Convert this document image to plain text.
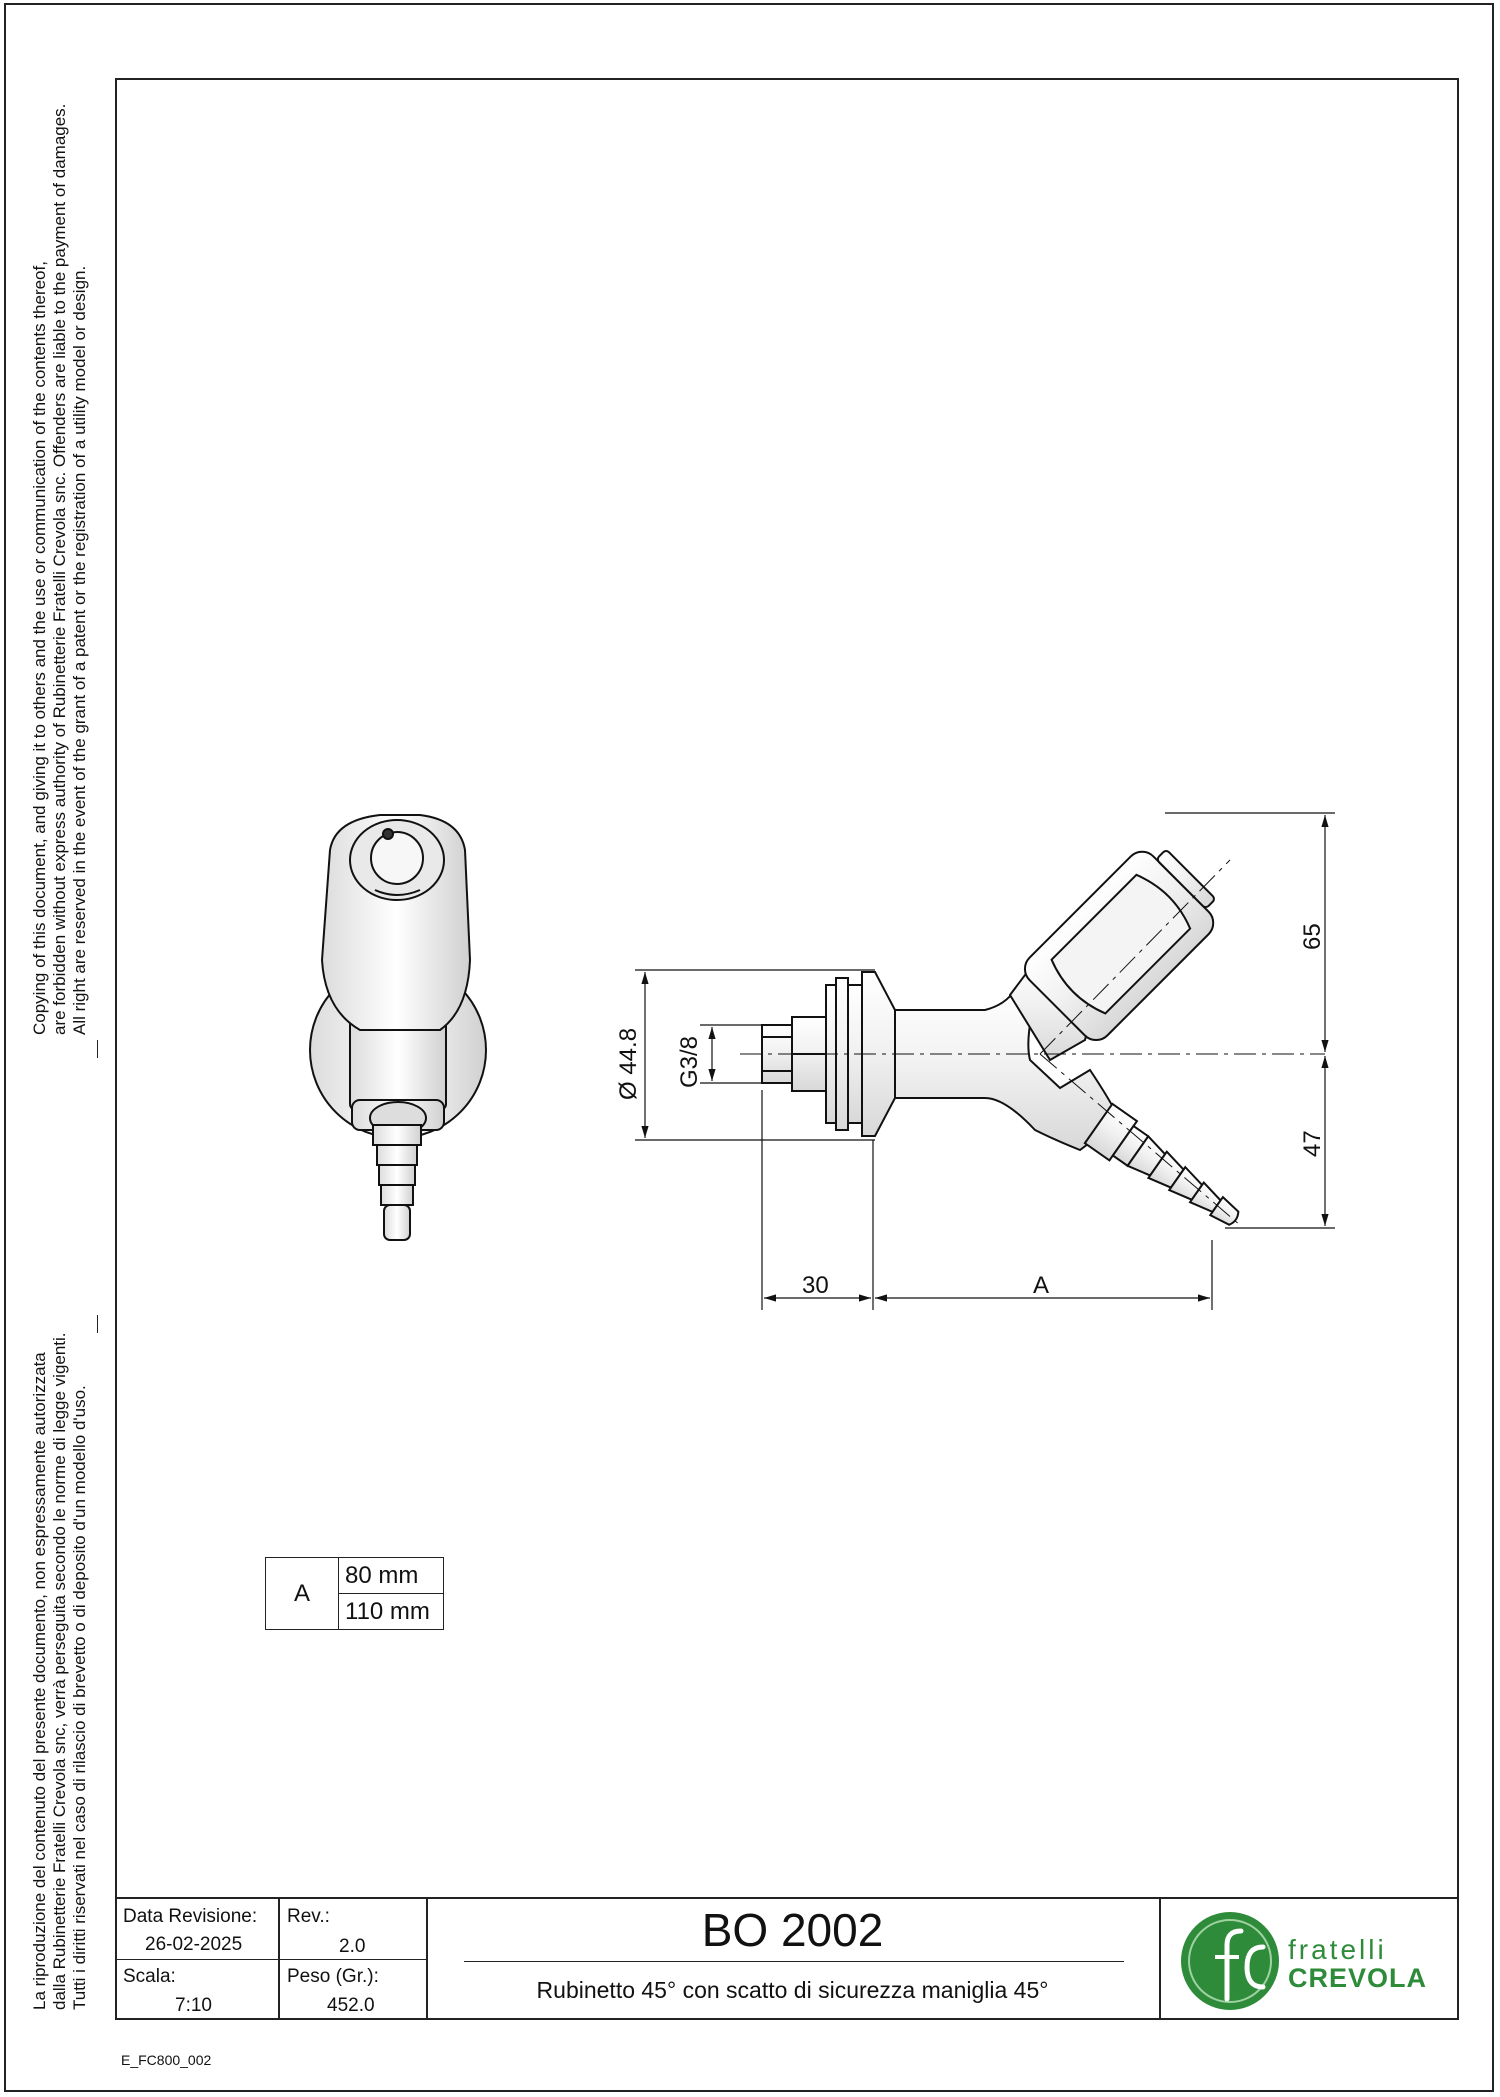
Copying of this document, and giving it to others and the use or communication of the contents thereof, are forbidden without express authority of Rubinetterie Fratelli Crevola snc. Offenders are liable to the payment of damages. All right are reserved in the event of the grant of a patent or the registration of a utility model or design.
La riproduzione del contenuto del presente documento, non espressamente autorizzata dalla Rubinetterie Fratelli Crevola snc, verrà perseguita secondo le norme di legge vigenti. Tutti i diritti riservati nel caso di rilascio di brevetto o di deposito d'un modello d'uso.
Ø 44.8 G3/8
65
47
30	A
A	80 mm
110 mm
Data Revisione:
26-02-2025
Rev.:
2.0
Scala:
7:10
Peso (Gr.):
452.0
BO 2002
Rubinetto 45° con scatto di sicurezza maniglia 45°
fratelli
CREVOLA
E_FC800_002
